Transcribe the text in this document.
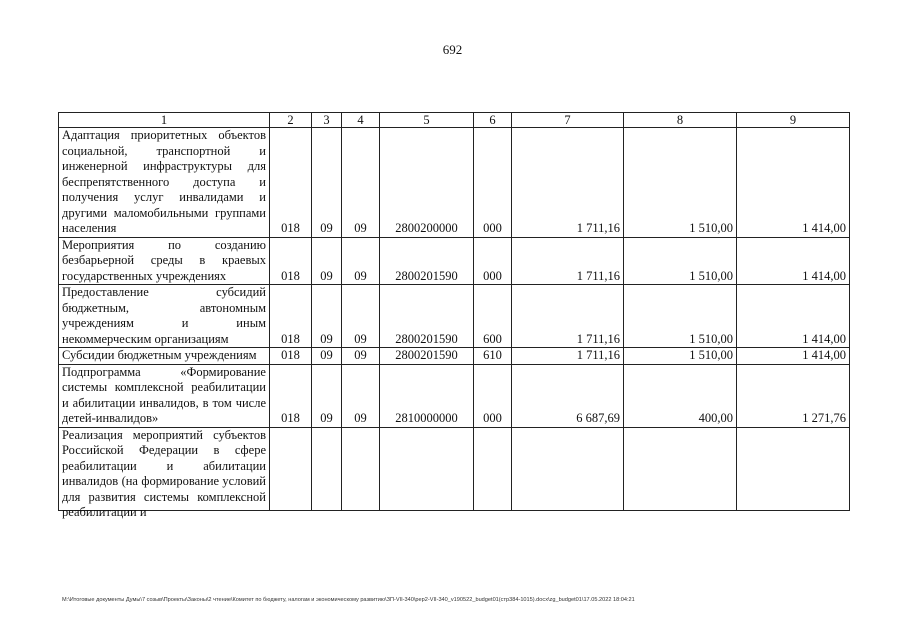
692
1	2	3	4	5	6	7	8	9
Адаптация приоритетных объектов социальной, транспортной и инженерной инфраструктуры для беспрепятственного доступа и получения услуг инвалидами и другими маломобильными группами населения	018	09	09	2800200000	000	1 711,16	1 510,00	1 414,00
Мероприятия по созданию безбарьерной среды в краевых государственных учреждениях	018	09	09	2800201590	000	1 711,16	1 510,00	1 414,00
Предоставление субсидий бюджетным, автономным учреждениям и иным некоммерческим организациям	018	09	09	2800201590	600	1 711,16	1 510,00	1 414,00
Субсидии бюджетным учреждениям	018	09	09	2800201590	610	1 711,16	1 510,00	1 414,00
Подпрограмма «Формирование системы комплексной реабилитации и абилитации инвалидов, в том числе детей-инвалидов»	018	09	09	2810000000	000	6 687,69	400,00	1 271,76

Реализация мероприятий субъектов Российской Федерации в сфере реабилитации и абилитации инвалидов (на формирование условий для развития системы комплексной реабилитации и								

M:\Итоговые документы Думы\7 созыв\Проекты\Законы\2 чтение\Комитет по бюджету, налогам и экономическому развитию\ЗП-VII-340\pep2-VII-340_v190522_budget01(стр384-1015).docx\zg_budget01\17.05.2022 18:04:21
